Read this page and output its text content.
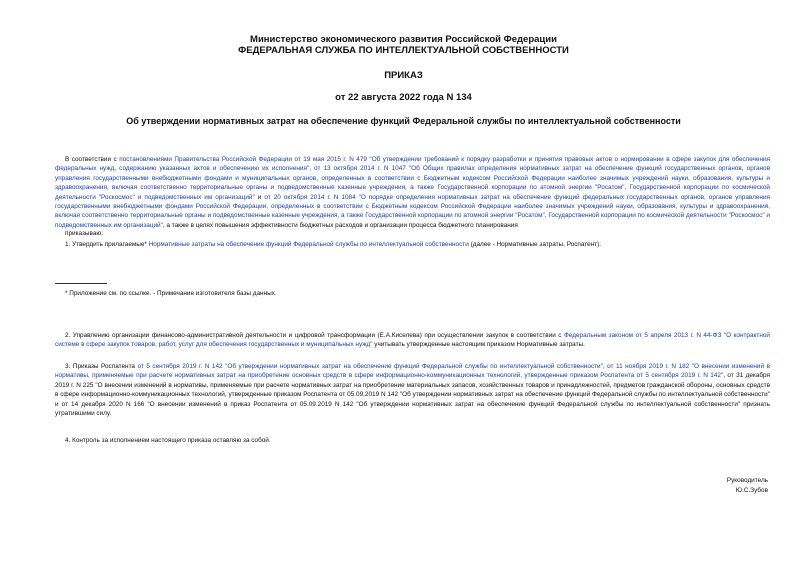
Министерство экономического развития Российской Федерации
ФЕДЕРАЛЬНАЯ СЛУЖБА ПО ИНТЕЛЛЕКТУАЛЬНОЙ СОБСТВЕННОСТИ
ПРИКАЗ
от 22 августа 2022 года N 134
Об утверждении нормативных затрат на обеспечение функций Федеральной службы по интеллектуальной собственности
В соответствии с постановлениями Правительства Российской Федерации от 19 мая 2015 г. N 479 "Об утверждении требований к порядку разработки и принятия правовых актов о нормировании в сфере закупок для обеспечения федеральных нужд, содержанию указанных актов и обеспечению их исполнения", от 13 октября 2014 г. N 1047 "Об Общих правилах определения нормативных затрат на обеспечение функций государственных органов, органов управления государственными внебюджетными фондами и муниципальных органов, определенных в соответствии с Бюджетным кодексом Российской Федерации наиболее значимых учреждений науки, образования, культуры и здравоохранения, включая соответственно территориальные органы и подведомственные казенные учреждения, а также Государственной корпорации по атомной энергии "Росатом", Государственной корпорации по космической деятельности "Роскосмос" и подведомственных им организаций" и от 20 октября 2014 г. N 1084 "О порядке определения нормативных затрат на обеспечение функций федеральных государственных органов, органов управления государственными внебюджетными фондами Российской Федерации, определенных в соответствии с Бюджетным кодексом Российской Федерации наиболее значимых учреждений науки, образования, культуры и здравоохранения, включая соответственно территориальные органы и подведомственные казенные учреждения, а также Государственной корпорации по атомной энергии "Росатом", Государственной корпорации по космической деятельности "Роскосмос" и подведомственных им организаций", а также в целях повышения эффективности бюджетных расходов и организации процесса бюджетного планирования
приказываю:
1. Утвердить прилагаемые* Нормативные затраты на обеспечение функций Федеральной службы по интеллектуальной собственности (далее - Нормативные затраты, Роспатент).
* Приложение см. по ссылке. - Примечание изготовителя базы данных.
2. Управлению организации финансово-административной деятельности и цифровой трансформации (Е.А.Киселева) при осуществлении закупок в соответствии с Федеральным законом от 5 апреля 2013 г. N 44-ФЗ "О контрактной системе в сфере закупок товаров, работ, услуг для обеспечения государственных и муниципальных нужд" учитывать утвержденные настоящим приказом Нормативные затраты.
3. Приказы Роспатента от 5 сентября 2019 г. N 142 "Об утверждении нормативных затрат на обеспечение функций Федеральной службы по интеллектуальной собственности", от 11 ноября 2019 г. N 182 "О внесении изменений в нормативы, применяемые при расчете нормативных затрат на приобретение основных средств в сфере информационно-коммуникационных технологий, утвержденные приказом Роспатента от 5 сентября 2019 г. N 142", от 31 декабря 2019 г. N 225 "О внесении изменений в нормативы, применяемые при расчете нормативных затрат на приобретение материальных запасов, хозяйственных товаров и принадлежностей, предметов гражданской обороны, основных средств в сфере информационно-коммуникационных технологий, утвержденные приказом Роспатента от 05.09.2019 N 142 "Об утверждении нормативных затрат на обеспечение функций Федеральной службы по интеллектуальной собственности" и от 14 декабря 2020 N 166 "О внесении изменений в приказ Роспатента от 05.09.2019 N 142 "Об утверждении нормативных затрат на обеспечение функций Федеральной службы по интеллектуальной собственности" признать утратившими силу.
4. Контроль за исполнением настоящего приказа оставляю за собой.
Руководитель
Ю.С.Зубов
